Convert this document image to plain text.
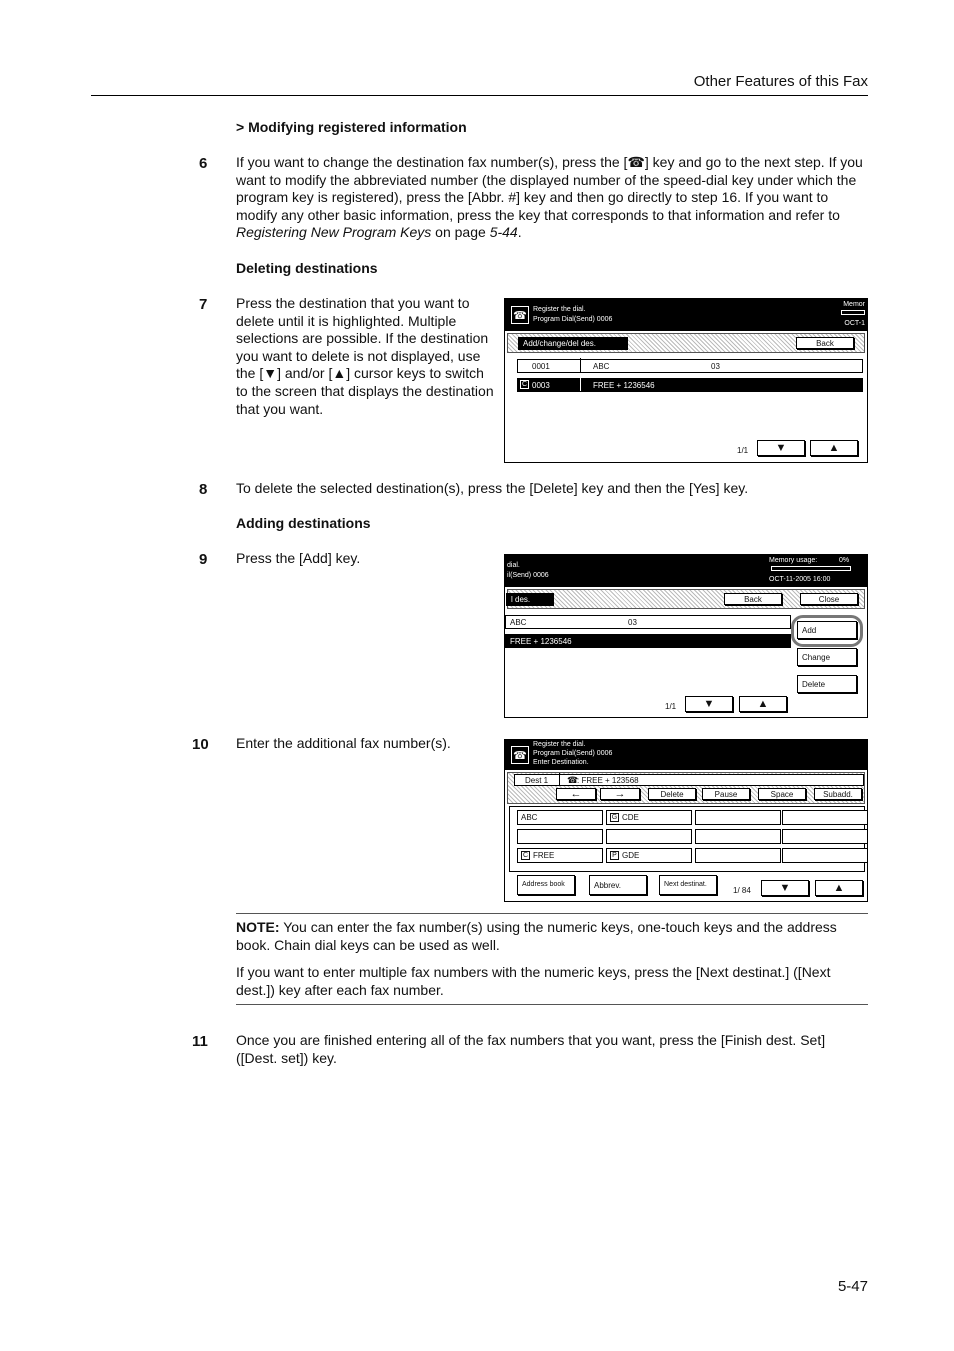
Other Features of this Fax
> Modifying registered information
6 If you want to change the destination fax number(s), press the [☎] key and go to the next step. If you want to modify the abbreviated number (the displayed number of the speed-dial key under which the program key is registered), press the [Abbr. #] key and then go directly to step 16. If you want to modify any other basic information, press the key that corresponds to that information and refer to Registering New Program Keys on page 5-44.
Deleting destinations
7 Press the destination that you want to delete until it is highlighted. Multiple selections are possible. If the destination you want to delete is not displayed, use the [▼] and/or [▲] cursor keys to switch to the screen that displays the destination that you want.
☎ Register the dial.
Program Dial(Send) 0006
Memor
OCT-1
Add/change/del des.	Back
0001	ABC	03
C 0003	FREE + 1236546
1/1 ▼	▲
8 To delete the selected destination(s), press the [Delete] key and then the [Yes] key.
Adding destinations
9 Press the [Add] key.	dial.
il(Send) 0006
Memory usage:	0%
OCT-11-2005 16:00
l des.	Back	Close
ABC	03
FREE + 1236546
Add
Change
Delete
1/1 ▼	▲
10 Enter the additional fax number(s).
☎
Register the dial.
Program Dial(Send) 0006
Enter Destination.
Dest 1 ☎
: FREE + 123568
←	→	Delete	Pause	Space	Subadd.
ABC	G CDE
C FREE	P GDE
Address book	Abbrev.	Next destinat.
1/ 84	▼	▲
NOTE: You can enter the fax number(s) using the numeric keys, one-touch keys and the address book. Chain dial keys can be used as well.
If you want to enter multiple fax numbers with the numeric keys, press the [Next destinat.] ([Next dest.]) key after each fax number.
11 Once you are finished entering all of the fax numbers that you want, press the [Finish dest. Set] ([Dest. set]) key.
5-47
